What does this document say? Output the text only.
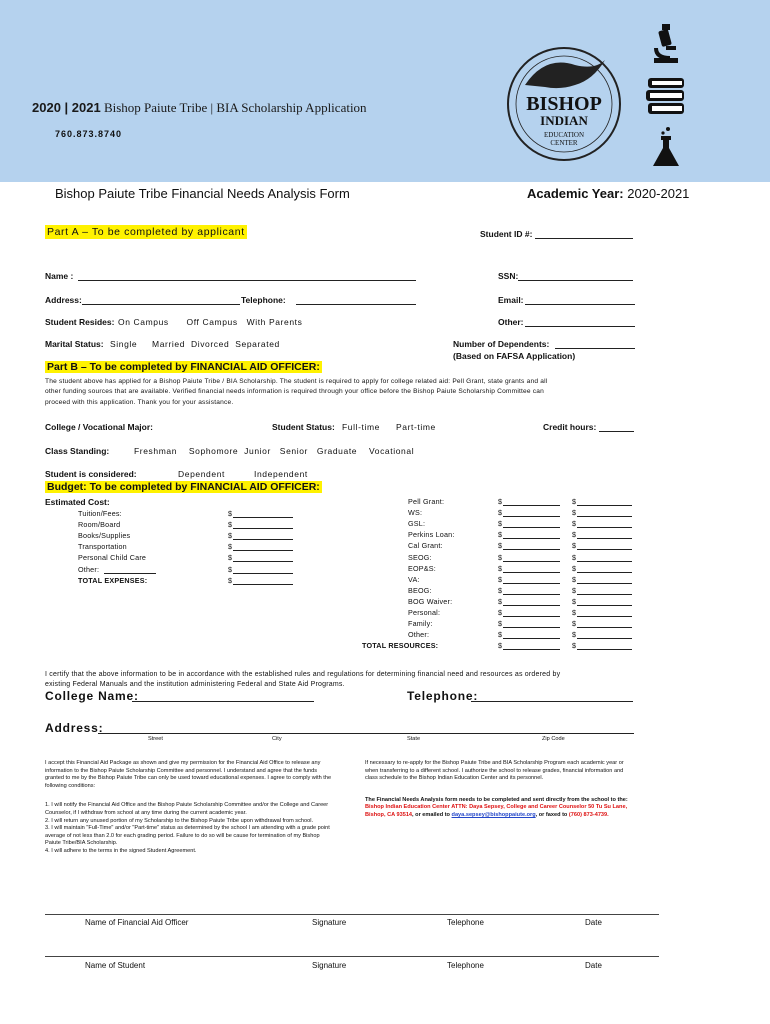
2020 | 2021 Bishop Paiute Tribe | BIA Scholarship Application
760.873.8740
BISHOP
INDIAN
EDUCATION
CENTER
Bishop Paiute Tribe Financial Needs Analysis Form	Academic Year: 2020-2021
Part A – To be completed by applicant	Student ID #:
Name :	SSN:
Address:	Telephone:	Email:
Student Resides: On Campus      Off Campus   With Parents	Other:
Marital Status: Single     Married  Divorced  Separated	Number of Dependents:
(Based on FAFSA Application)
Part B – To be completed by FINANCIAL AID OFFICER:
The student above has applied for a Bishop Paiute Tribe / BIA Scholarship. The student is required to apply for college related aid: Pell Grant, state grants and all
other funding sources that are available. Verified financial needs information is required through your office before the Bishop Paiute Scholarship Committee can
proceed with this application. Thank you for your assistance.
College / Vocational Major:	Student Status: Full-time Part-time	Credit hours:
Class Standing:	Freshman    Sophomore  Junior   Senior   Graduate    Vocational
Student is considered:	Dependent	Independent
Budget: To be completed by FINANCIAL AID OFFICER:
Estimated Cost:
I certify that the above information to be in accordance with the established rules and regulations for determining financial need and resources as ordered by
existing Federal Manuals and the institution administering Federal and State Aid Programs.
College Name:	Telephone:
Address:
Street	City	State	Zip Code
I accept this Financial Aid Package as shown and give my permission for the Financial Aid Office to release any information to the Bishop Paiute Scholarship Committee and personnel. I understand and agree that the funds granted to me by the Bishop Paiute Tribe can only be used toward educational expenses. I agree to comply with the following conditions:
1. I will notify the Financial Aid Office and the Bishop Paiute Scholarship Committee and/or the College and Career Counselor, if I withdraw from school at any time during the current academic year.
2. I will return any unused portion of my Scholarship to the Bishop Paiute Tribe upon withdrawal from school.
3. I will maintain "Full-Time" and/or "Part-time" status as determined by the school I am attending with a grade point average of not less than 2.0 for each grading period. Failure to do so will be cause for termination of my Bishop Paiute Tribe/BIA Scholarship.
4. I will adhere to the terms in the signed Student Agreement.
If necessary to re-apply for the Bishop Paiute Tribe and BIA Scholarship Program each academic year or when transferring to a different school. I authorize the school to release grades, financial information and class schedule to the Bishop Indian Education Center and its personnel.
The Financial Needs Analysis form needs to be completed and sent directly from the school to the: Bishop Indian Education Center ATTN: Daya Sepsey, College and Career Counselor 50 Tu Su Lane, Bishop, CA 93514, or emailed to daya.sepsey@bishoppaiute.org, or faxed to (760) 873-4739.
Name of Financial Aid Officer	Signature	Telephone	Date
Name of Student	Signature	Telephone	Date
Tuition/Fees:	$
Room/Board	$
Books/Supplies	$
Transportation	$
Personal Child Care	$
Other:	$
TOTAL EXPENSES:	$
Pell Grant:	$	$
WS:	$	$
GSL:	$	$
Perkins Loan:	$	$
Cal Grant:	$	$
SEOG:	$	$
EOP&S:	$	$
VA:	$	$
BEOG:	$	$
BOG Waiver:	$	$
Personal:	$	$
Family:	$	$
Other:	$	$
TOTAL RESOURCES:	$	$
